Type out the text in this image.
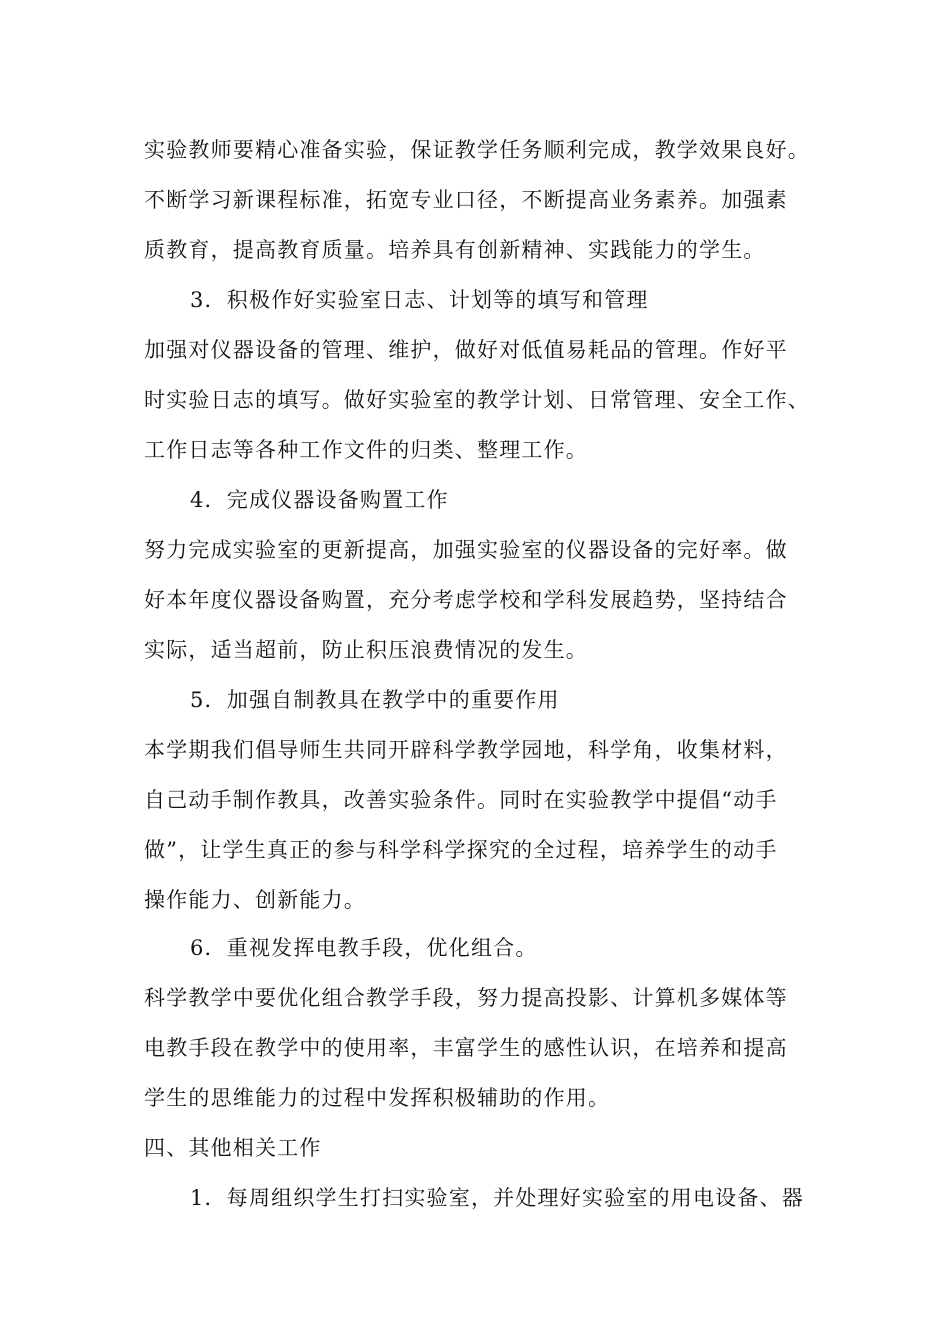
实验教师要精心准备实验，保证教学任务顺利完成，教学效果良好。
不断学习新课程标准，拓宽专业口径，不断提高业务素养。加强素
质教育，提高教育质量。培养具有创新精神、实践能力的学生。
3．积极作好实验室日志、计划等的填写和管理
加强对仪器设备的管理、维护，做好对低值易耗品的管理。作好平
时实验日志的填写。做好实验室的教学计划、日常管理、安全工作、
工作日志等各种工作文件的归类、整理工作。
4．完成仪器设备购置工作
努力完成实验室的更新提高，加强实验室的仪器设备的完好率。做
好本年度仪器设备购置，充分考虑学校和学科发展趋势，坚持结合
实际，适当超前，防止积压浪费情况的发生。
5．加强自制教具在教学中的重要作用
本学期我们倡导师生共同开辟科学教学园地，科学角，收集材料，
自己动手制作教具，改善实验条件。同时在实验教学中提倡“动手
做”，让学生真正的参与科学科学探究的全过程，培养学生的动手
操作能力、创新能力。
6．重视发挥电教手段，优化组合。
科学教学中要优化组合教学手段，努力提高投影、计算机多媒体等
电教手段在教学中的使用率，丰富学生的感性认识，在培养和提高
学生的思维能力的过程中发挥积极辅助的作用。
四、其他相关工作
1．每周组织学生打扫实验室，并处理好实验室的用电设备、器
